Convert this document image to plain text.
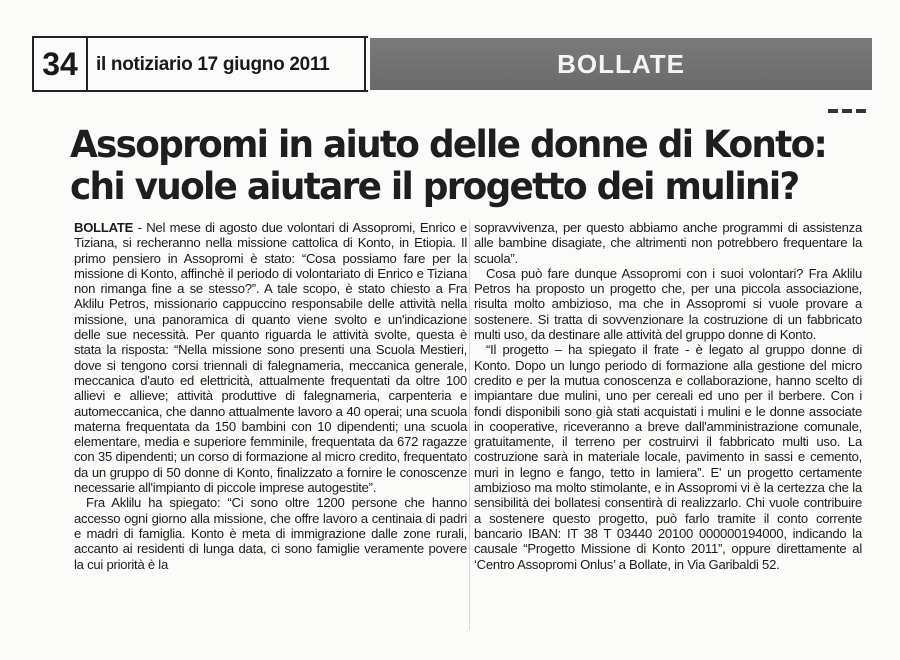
34 il notiziario 17 giugno 2011	BOLLATE
Assopromi in aiuto delle donne di Konto:
chi vuole aiutare il progetto dei mulini?

BOLLATE - Nel mese di agosto due volontari di Assopromi, Enrico e Tiziana, si recheranno nella missione cattolica di Konto, in Etiopia. Il primo pensiero in Assopromi è stato: “Cosa possiamo fare per la missione di Konto, affinchè il periodo di volontariato di Enrico e Tiziana non rimanga fine a se stesso?”. A tale scopo, è stato chiesto a Fra Aklilu Petros, missionario cappuccino responsabile delle attività nella missione, una panoramica di quanto viene svolto e un'indicazione delle sue necessità. Per quanto riguarda le attività svolte, questa è stata la risposta: “Nella missione sono presenti una Scuola Mestieri, dove si tengono corsi triennali di falegnameria, meccanica generale, meccanica d'auto ed elettricità, attualmente frequentati da oltre 100 allievi e allieve; attività produttive di falegnameria, carpenteria e automeccanica, che danno attualmente lavoro a 40 operai; una scuola materna frequentata da 150 bambini con 10 dipendenti; una scuola elementare, media e superiore femminile, frequentata da 672 ragazze con 35 dipendenti; un corso di formazione al micro credito, frequentato da un gruppo di 50 donne di Konto, finalizzato a fornire le conoscenze necessarie all'impianto di piccole imprese autogestite”.

Fra Aklilu ha spiegato: “Ci sono oltre 1200 persone che hanno accesso ogni giorno alla missione, che offre lavoro a centinaia di padri e madri di famiglia. Konto è meta di immigrazione dalle zone rurali, accanto ai residenti di lunga data, ci sono famiglie veramente povere la cui priorità è la

sopravvivenza, per questo abbiamo anche programmi di assistenza alle bambine disagiate, che altrimenti non potrebbero frequentare la scuola”.

Cosa può fare dunque Assopromi con i suoi volontari? Fra Aklilu Petros ha proposto un progetto che, per una piccola associazione, risulta molto ambizioso, ma che in Assopromi si vuole provare a sostenere. Si tratta di sovvenzionare la costruzione di un fabbricato multi uso, da destinare alle attività del gruppo donne di Konto.

“Il progetto – ha spiegato il frate - è legato al gruppo donne di Konto. Dopo un lungo periodo di formazione alla gestione del micro credito e per la mutua conoscenza e collaborazione, hanno scelto di impiantare due mulini, uno per cereali ed uno per il berbere. Con i fondi disponibili sono già stati acquistati i mulini e le donne associate in cooperative, riceveranno a breve dall'amministrazione comunale, gratuitamente, il terreno per costruirvi il fabbricato multi uso. La costruzione sarà in materiale locale, pavimento in sassi e cemento, muri in legno e fango, tetto in lamiera”. E' un progetto certamente ambizioso ma molto stimolante, e in Assopromi vi è la certezza che la sensibilità dei bollatesi consentirà di realizzarlo. Chi vuole contribuire a sostenere questo progetto, può farlo tramite il conto corrente bancario IBAN: IT 38 T 03440 20100 000000194000, indicando la causale “Progetto Missione di Konto 2011”, oppure direttamente al ‘Centro Assopromi Onlus’ a Bollate, in Via Garibaldi 52.
